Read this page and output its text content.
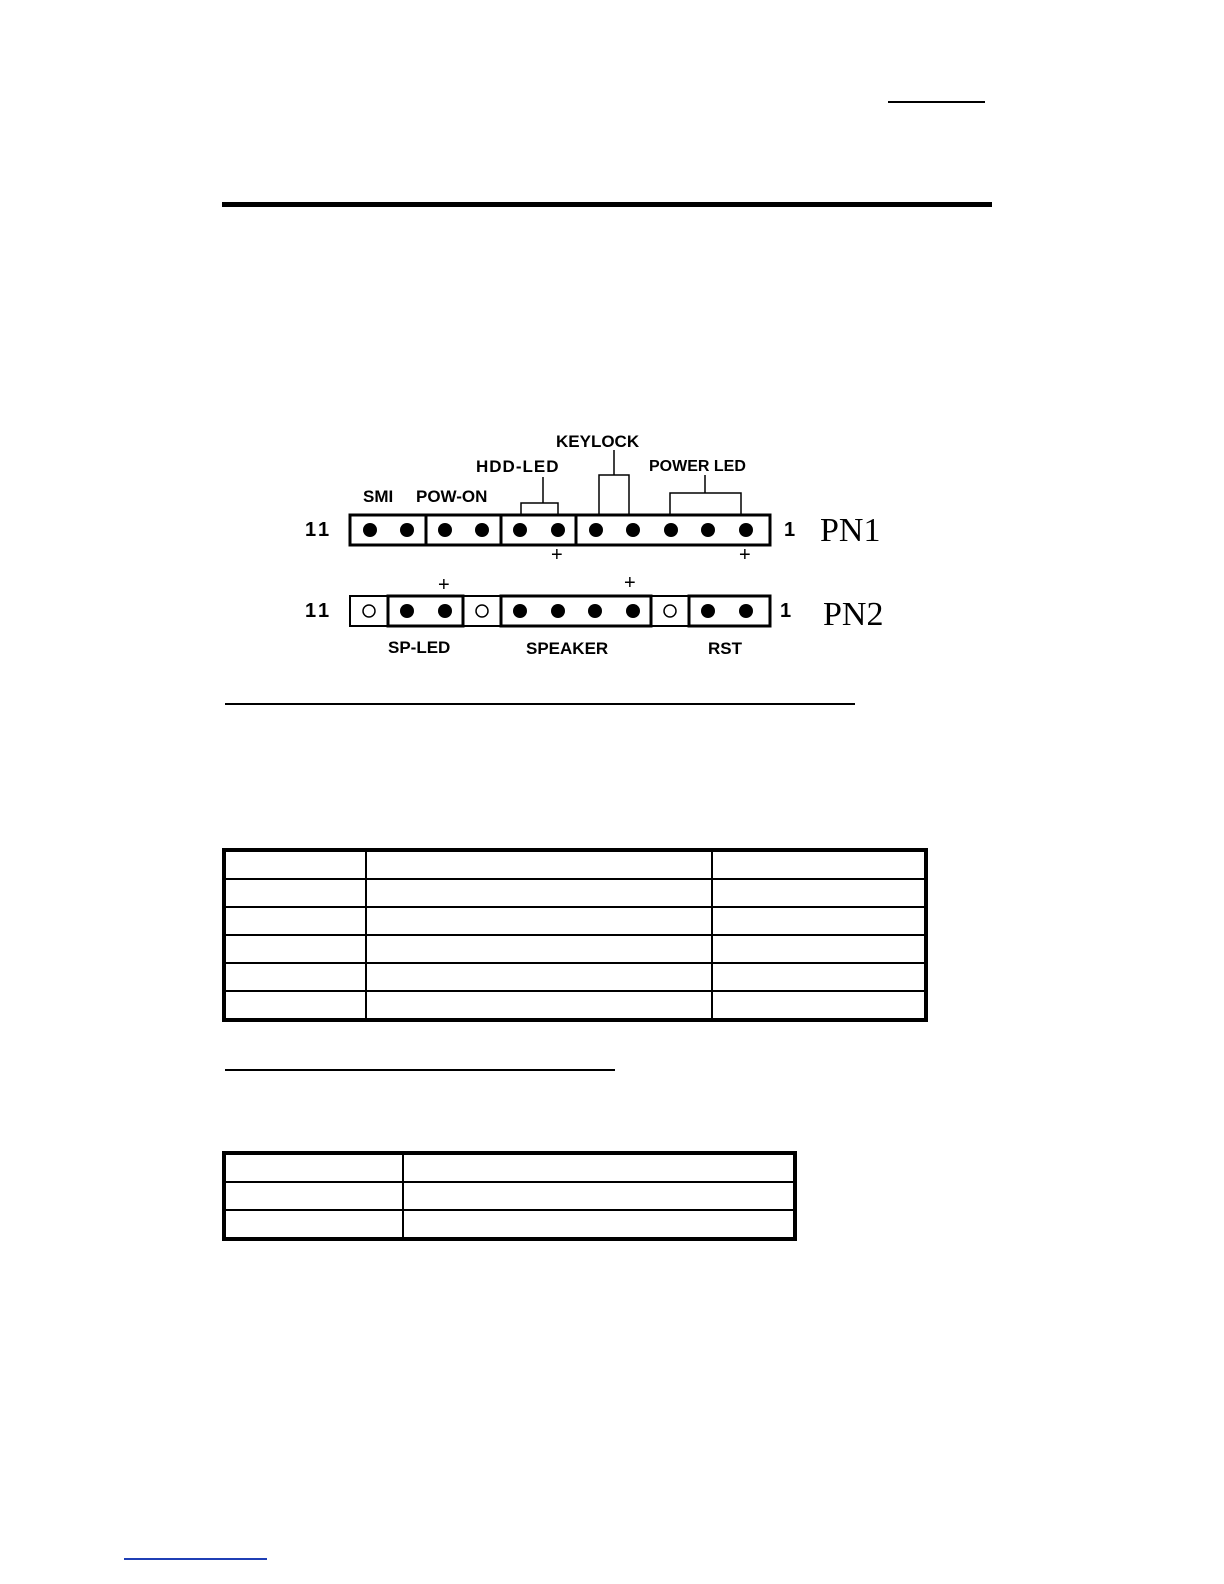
11	1 PN1
SMI POW-ON
HDD-LED
KEYLOCK
POWER LED
+	+
11	1 PN2
+	+
SP-LED	SPEAKER	RST
